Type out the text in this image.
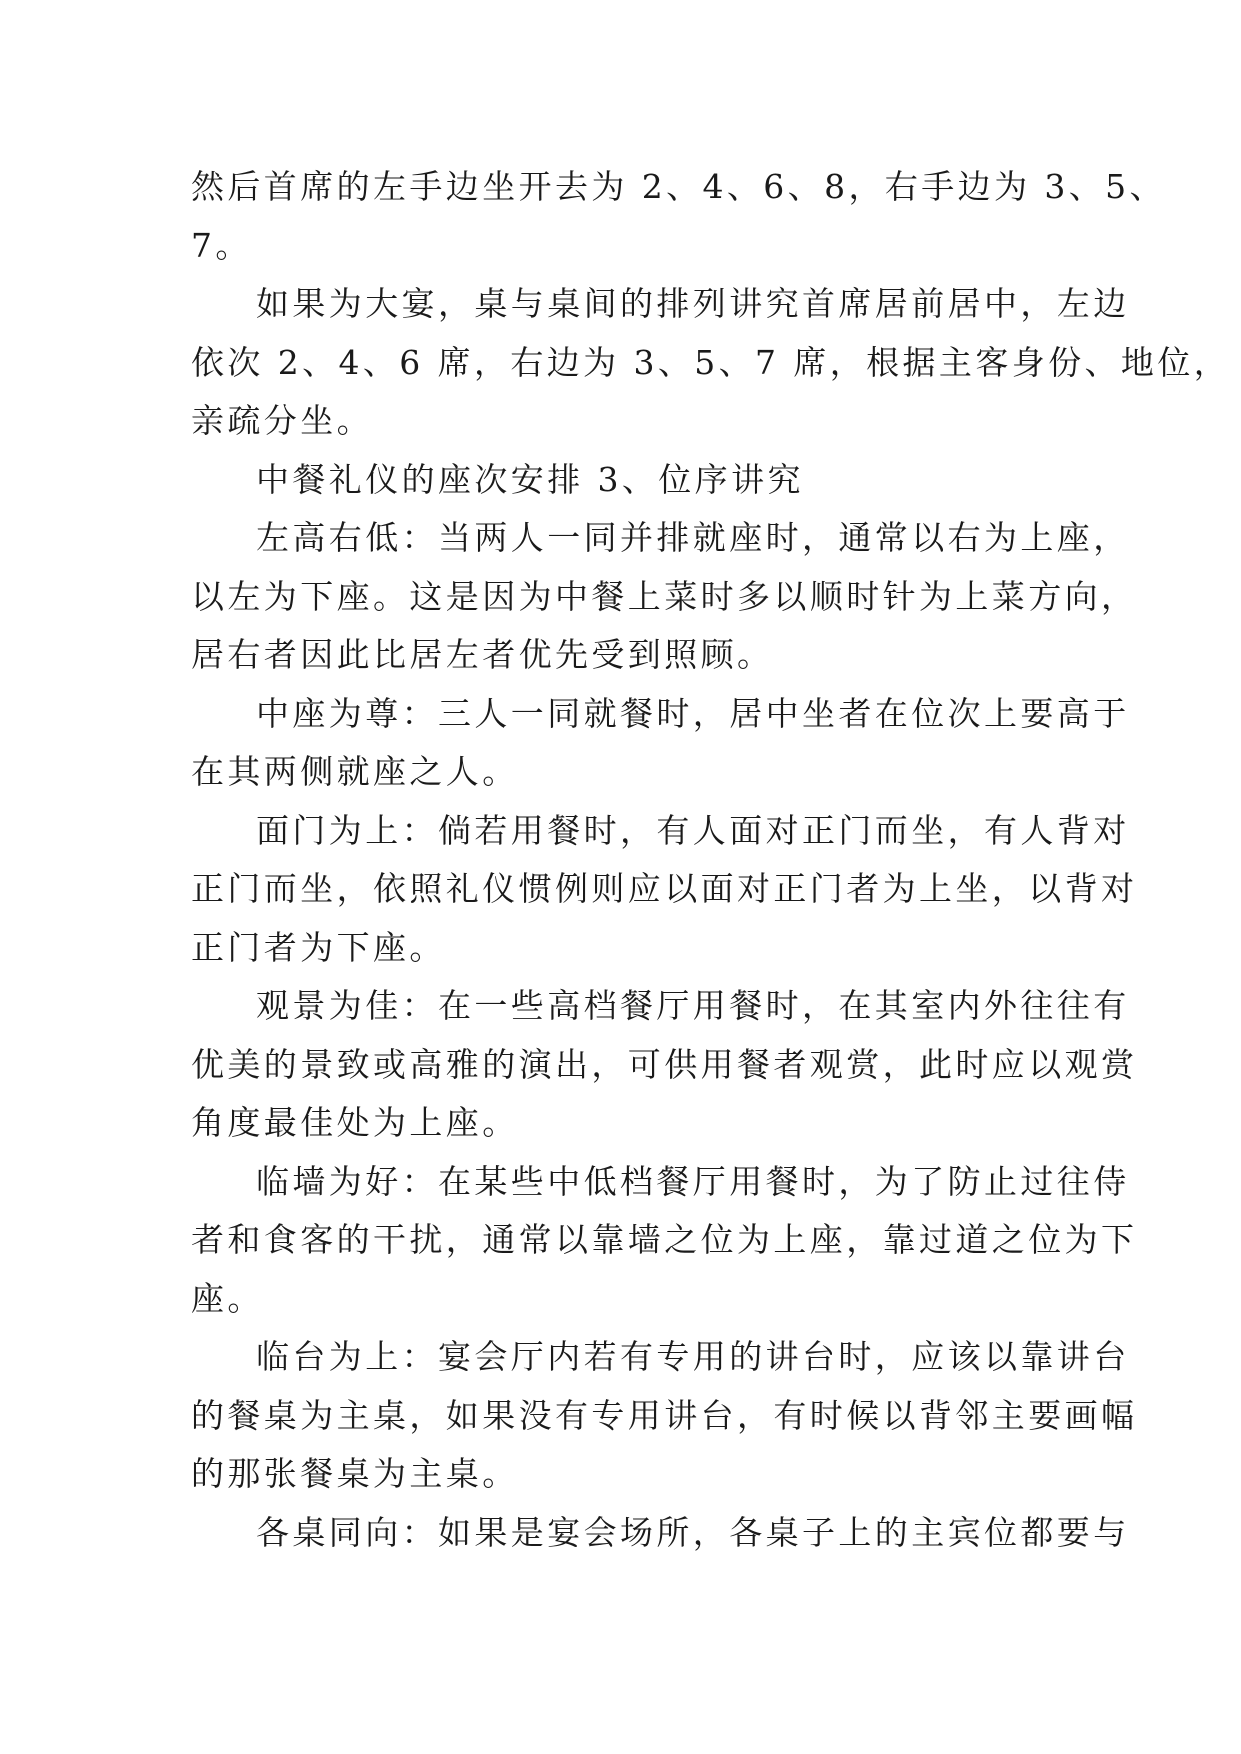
然后首席的左手边坐开去为 2、4、6、8，右手边为 3、5、
7。
如果为大宴，桌与桌间的排列讲究首席居前居中，左边
依次 2、4、6 席，右边为 3、5、7 席，根据主客身份、地位，
亲疏分坐。
中餐礼仪的座次安排 3、位序讲究
左高右低：当两人一同并排就座时，通常以右为上座，
以左为下座。这是因为中餐上菜时多以顺时针为上菜方向，
居右者因此比居左者优先受到照顾。
中座为尊：三人一同就餐时，居中坐者在位次上要高于
在其两侧就座之人。
面门为上：倘若用餐时，有人面对正门而坐，有人背对
正门而坐，依照礼仪惯例则应以面对正门者为上坐，以背对
正门者为下座。
观景为佳：在一些高档餐厅用餐时，在其室内外往往有
优美的景致或高雅的演出，可供用餐者观赏，此时应以观赏
角度最佳处为上座。
临墙为好：在某些中低档餐厅用餐时，为了防止过往侍
者和食客的干扰，通常以靠墙之位为上座，靠过道之位为下
座。
临台为上：宴会厅内若有专用的讲台时，应该以靠讲台
的餐桌为主桌，如果没有专用讲台，有时候以背邻主要画幅
的那张餐桌为主桌。
各桌同向：如果是宴会场所，各桌子上的主宾位都要与
